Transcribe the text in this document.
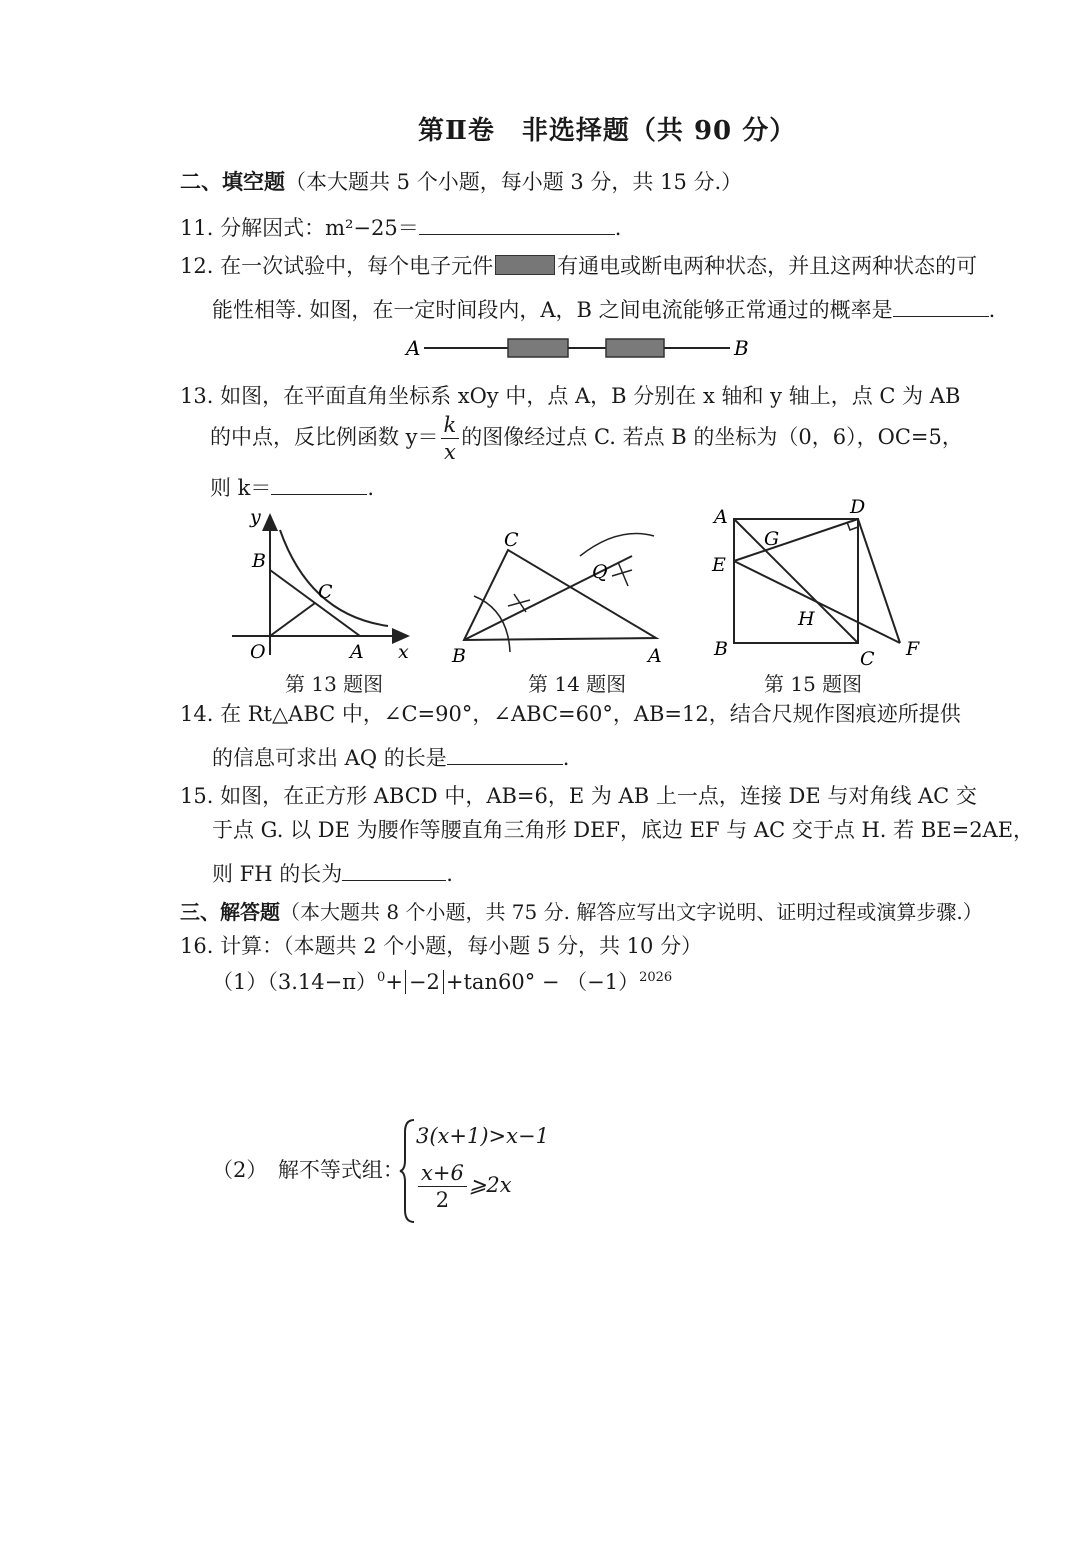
第Ⅱ卷　非选择题（共 90 分）
二、填空题（本大题共 5 个小题，每小题 3 分，共 15 分.）
11. 分解因式：m²−25＝	.
12. 在一次试验中，每个电子元件	有通电或断电两种状态，并且这两种状态的可
能性相等. 如图，在一定时间段内，A，B 之间电流能够正常通过的概率是	.
A	B
13. 如图，在平面直角坐标系 xOy 中，点 A，B 分别在 x 轴和 y 轴上，点 C 为 AB
的中点，反比例函数 $y= \frac{k}{x}$ 的图像经过点 C. 若点 B 的坐标为（0，6），OC=5，
则 k＝	.
y
B
C
O	A x
C
Q
B	A
A	D
G
E
H
B	C F
第 13 题图	第 14 题图	第 15 题图
14. 在 Rt△ABC 中，∠C=90°，∠ABC=60°，AB=12，结合尺规作图痕迹所提供
的信息可求出 AQ 的长是	.
15. 如图，在正方形 ABCD 中，AB=6，E 为 AB 上一点，连接 DE 与对角线 AC 交
于点 G. 以 DE 为腰作等腰直角三角形 DEF，底边 EF 与 AC 交于点 H. 若 BE=2AE，
则 FH 的长为	.
三、解答题（本大题共 8 个小题，共 75 分. 解答应写出文字说明、证明过程或演算步骤.）
16. 计算：（本题共 2 个小题，每小题 5 分，共 10 分）
$(1)(3.14-\pi)^0+ -2 +\tan 60^\circ - (-1)^{2026}$
（2）　解不等式组：
3(x+1)>x−1
$\frac{x+6}{2}$ ⩾2x
